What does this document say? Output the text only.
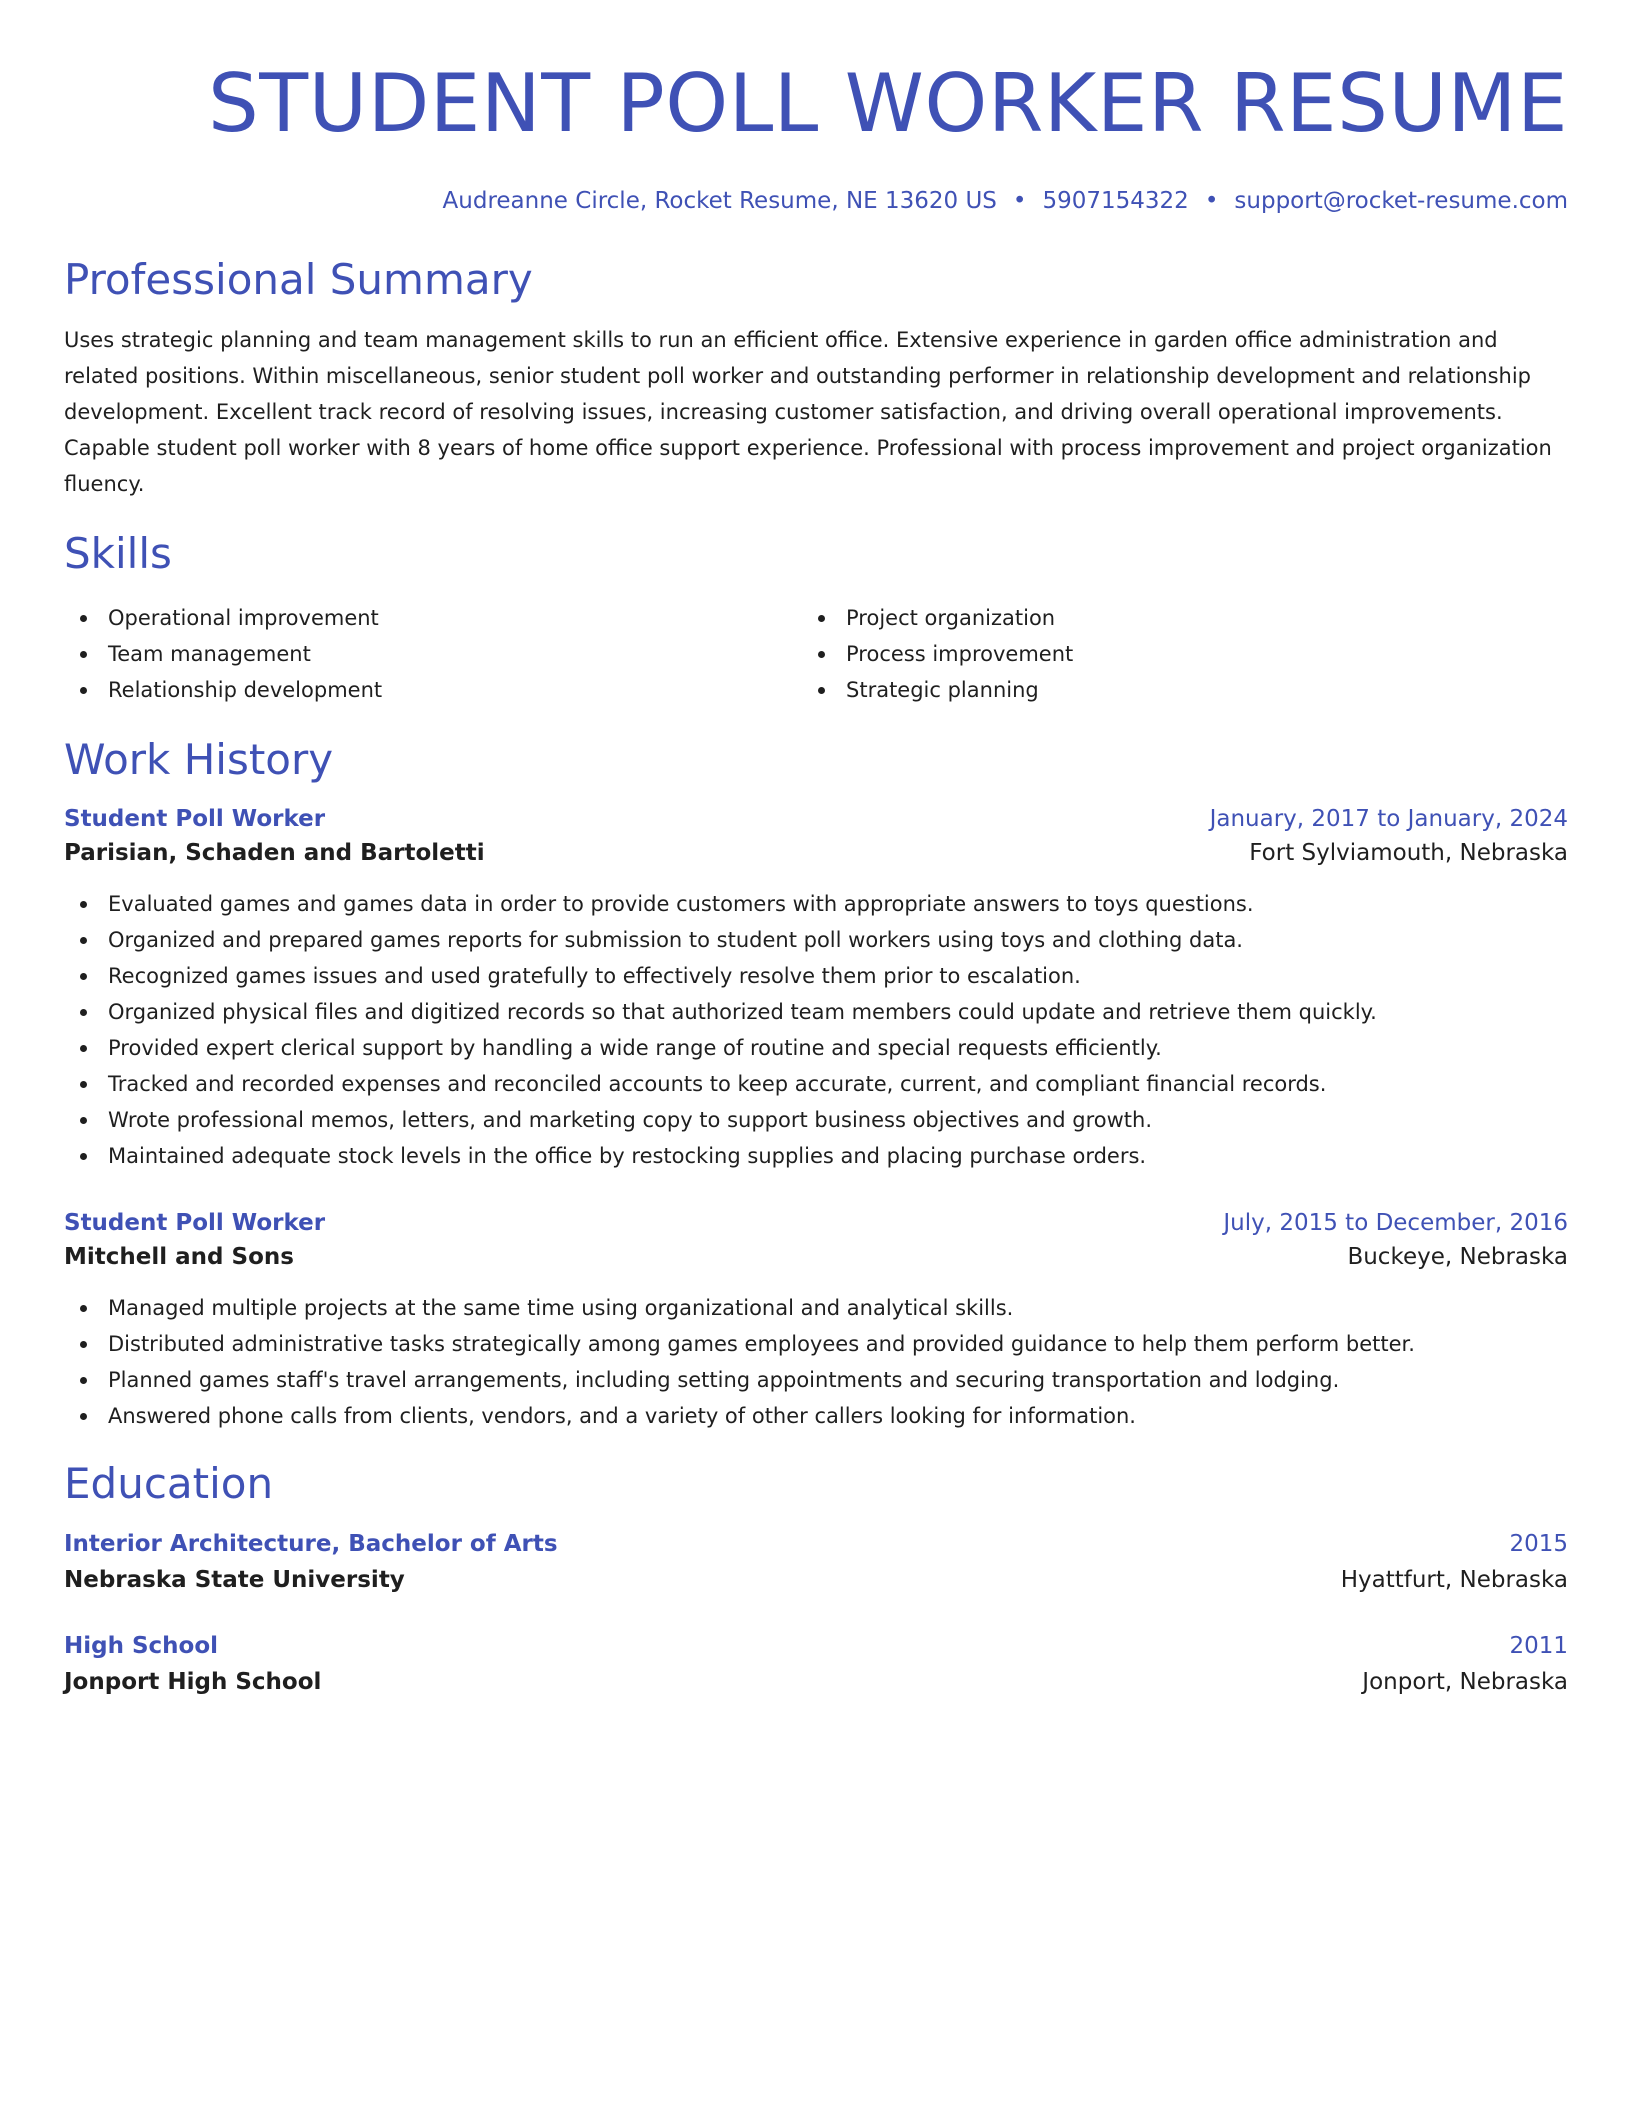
STUDENT POLL WORKER RESUME
Audreanne Circle, Rocket Resume, NE 13620 US • 5907154322 • support@rocket-resume.com
Professional Summary

Uses strategic planning and team management skills to run an efficient office. Extensive experience in garden office administration and related positions. Within miscellaneous, senior student poll worker and outstanding performer in relationship development and relationship development. Excellent track record of resolving issues, increasing customer satisfaction, and driving overall operational improvements. Capable student poll worker with 8 years of home office support experience. Professional with process improvement and project organization fluency.

Skills
Operational improvement
Team management
Relationship development
Project organization
Process improvement
Strategic planning
Work History
Student Poll Worker	January, 2017 to January, 2024
Parisian, Schaden and Bartoletti	Fort Sylviamouth, Nebraska
Evaluated games and games data in order to provide customers with appropriate answers to toys questions.
Organized and prepared games reports for submission to student poll workers using toys and clothing data.
Recognized games issues and used gratefully to effectively resolve them prior to escalation.
Organized physical files and digitized records so that authorized team members could update and retrieve them quickly.
Provided expert clerical support by handling a wide range of routine and special requests efficiently.
Tracked and recorded expenses and reconciled accounts to keep accurate, current, and compliant financial records.
Wrote professional memos, letters, and marketing copy to support business objectives and growth.
Maintained adequate stock levels in the office by restocking supplies and placing purchase orders.
Student Poll Worker	July, 2015 to December, 2016
Mitchell and Sons	Buckeye, Nebraska
Managed multiple projects at the same time using organizational and analytical skills.
Distributed administrative tasks strategically among games employees and provided guidance to help them perform better.
Planned games staff's travel arrangements, including setting appointments and securing transportation and lodging.
Answered phone calls from clients, vendors, and a variety of other callers looking for information.
Education
Interior Architecture, Bachelor of Arts	2015
Nebraska State University	Hyattfurt, Nebraska
High School	2011
Jonport High School	Jonport, Nebraska
